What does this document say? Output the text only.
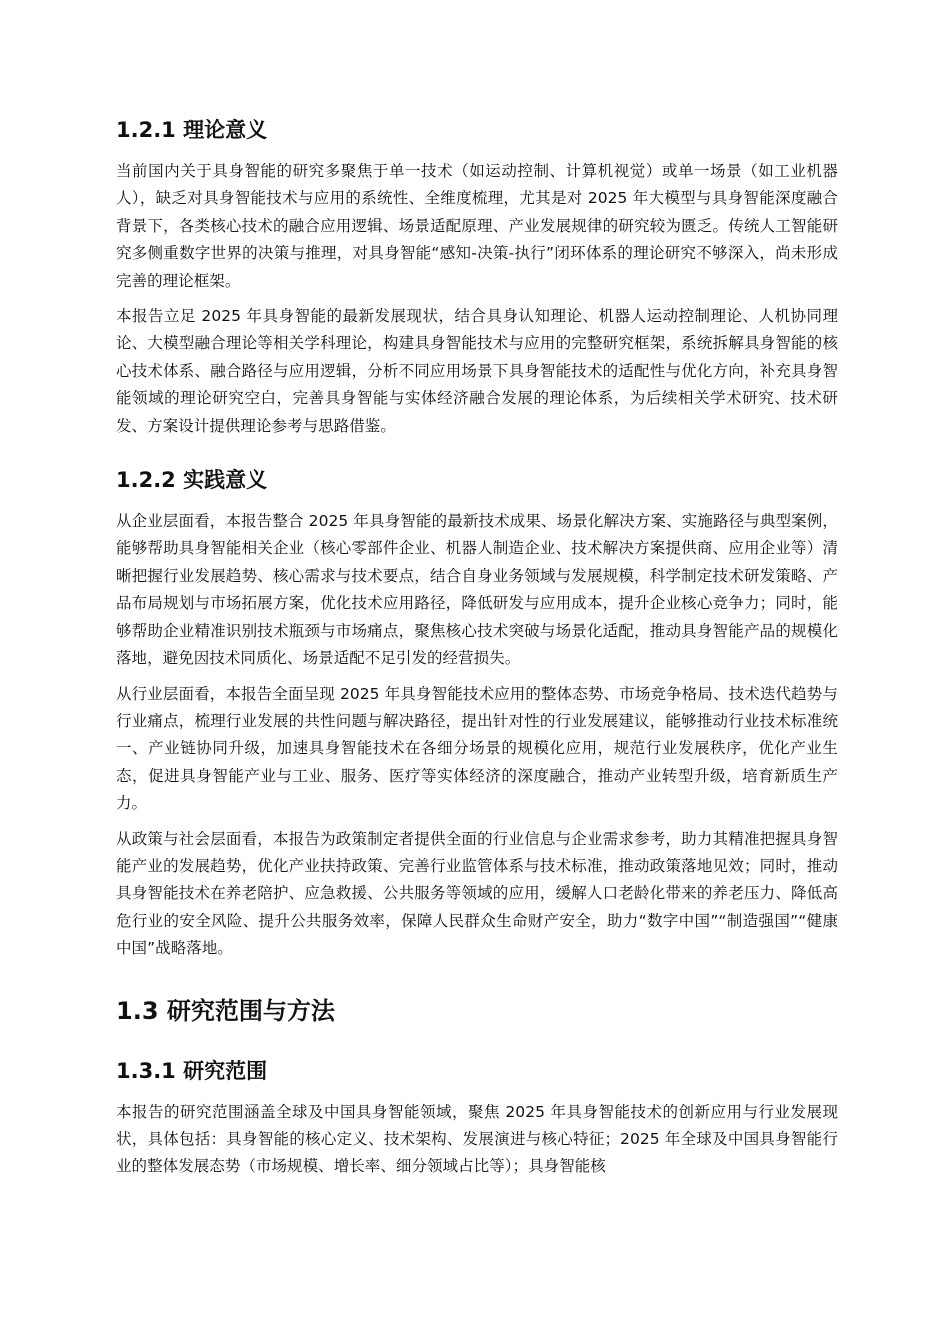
1.2.1 理论意义

当前国内关于具身智能的研究多聚焦于单一技术（如运动控制、计算机视觉）或单一场景（如工业机器人），缺乏对具身智能技术与应用的系统性、全维度梳理，尤其是对 2025 年大模型与具身智能深度融合背景下，各类核心技术的融合应用逻辑、场景适配原理、产业发展规律的研究较为匮乏。传统人工智能研究多侧重数字世界的决策与推理，对具身智能“感知-决策-执行”闭环体系的理论研究不够深入，尚未形成完善的理论框架。

本报告立足 2025 年具身智能的最新发展现状，结合具身认知理论、机器人运动控制理论、人机协同理论、大模型融合理论等相关学科理论，构建具身智能技术与应用的完整研究框架，系统拆解具身智能的核心技术体系、融合路径与应用逻辑，分析不同应用场景下具身智能技术的适配性与优化方向，补充具身智能领域的理论研究空白，完善具身智能与实体经济融合发展的理论体系，为后续相关学术研究、技术研发、方案设计提供理论参考与思路借鉴。

1.2.2 实践意义

从企业层面看，本报告整合 2025 年具身智能的最新技术成果、场景化解决方案、实施路径与典型案例，能够帮助具身智能相关企业（核心零部件企业、机器人制造企业、技术解决方案提供商、应用企业等）清晰把握行业发展趋势、核心需求与技术要点，结合自身业务领域与发展规模，科学制定技术研发策略、产品布局规划与市场拓展方案，优化技术应用路径，降低研发与应用成本，提升企业核心竞争力；同时，能够帮助企业精准识别技术瓶颈与市场痛点，聚焦核心技术突破与场景化适配，推动具身智能产品的规模化落地，避免因技术同质化、场景适配不足引发的经营损失。

从行业层面看，本报告全面呈现 2025 年具身智能技术应用的整体态势、市场竞争格局、技术迭代趋势与行业痛点，梳理行业发展的共性问题与解决路径，提出针对性的行业发展建议，能够推动行业技术标准统一、产业链协同升级，加速具身智能技术在各细分场景的规模化应用，规范行业发展秩序，优化产业生态，促进具身智能产业与工业、服务、医疗等实体经济的深度融合，推动产业转型升级，培育新质生产力。

从政策与社会层面看，本报告为政策制定者提供全面的行业信息与企业需求参考，助力其精准把握具身智能产业的发展趋势，优化产业扶持政策、完善行业监管体系与技术标准，推动政策落地见效；同时，推动具身智能技术在养老陪护、应急救援、公共服务等领域的应用，缓解人口老龄化带来的养老压力、降低高危行业的安全风险、提升公共服务效率，保障人民群众生命财产安全，助力“数字中国”“制造强国”“健康中国”战略落地。

1.3 研究范围与方法
1.3.1 研究范围

本报告的研究范围涵盖全球及中国具身智能领域，聚焦 2025 年具身智能技术的创新应用与行业发展现状，具体包括：具身智能的核心定义、技术架构、发展演进与核心特征；2025 年全球及中国具身智能行业的整体发展态势（市场规模、增长率、细分领域占比等）；具身智能核
